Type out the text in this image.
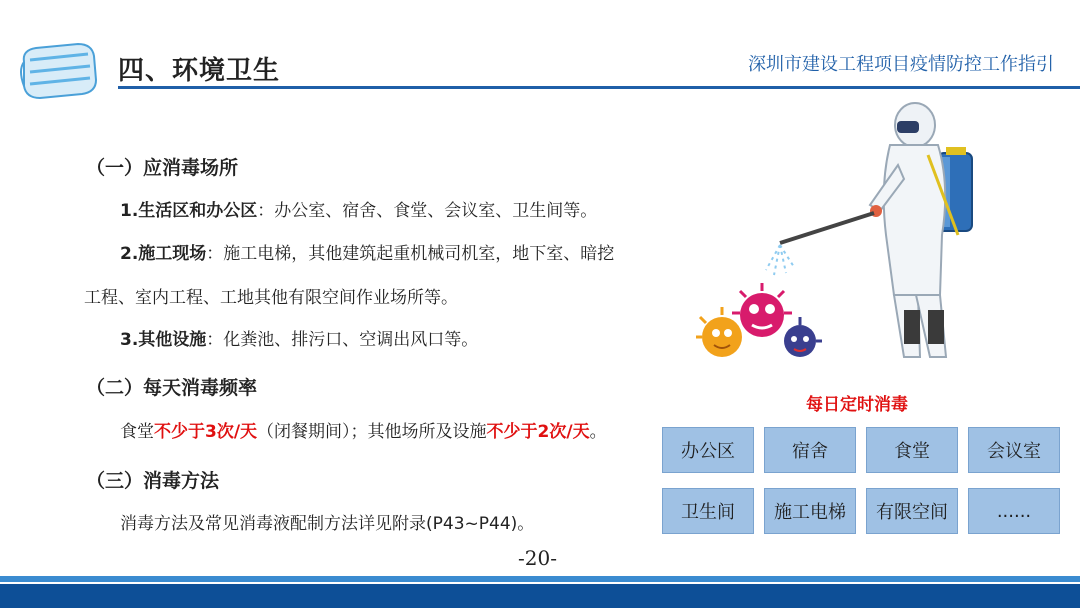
四、环境卫生	深圳市建设工程项目疫情防控工作指引
（一）应消毒场所
1.生活区和办公区：办公室、宿舍、食堂、会议室、卫生间等。
2.施工现场：施工电梯，其他建筑起重机械司机室，地下室、暗挖
工程、室内工程、工地其他有限空间作业场所等。
3.其他设施：化粪池、排污口、空调出风口等。
（二）每天消毒频率
食堂不少于3次/天（闭餐期间）；其他场所及设施不少于2次/天。
（三）消毒方法
消毒方法及常见消毒液配制方法详见附录(P43~P44)。
每日定时消毒
办公区	宿舍	食堂	会议室
卫生间	施工电梯	有限空间	......
-20-
